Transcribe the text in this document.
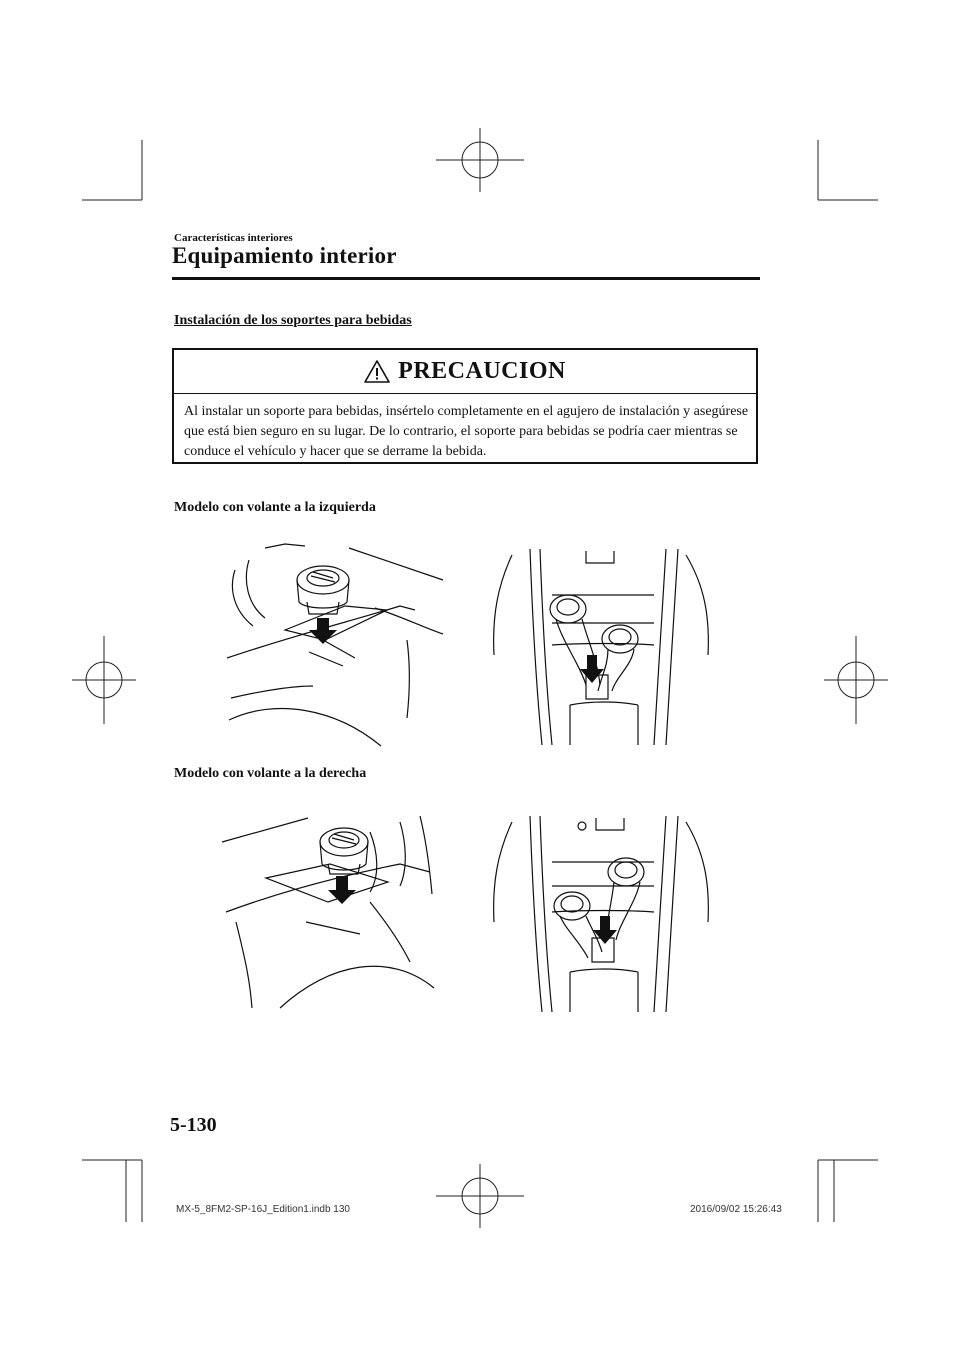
Características interiores
Equipamiento interior
Instalación de los soportes para bebidas
PRECAUCION
Al instalar un soporte para bebidas, insértelo completamente en el agujero de instalación y asegúrese que está bien seguro en su lugar. De lo contrario, el soporte para bebidas se podría caer mientras se conduce el vehículo y hacer que se derrame la bebida.
Modelo con volante a la izquierda
Modelo con volante a la derecha
5-130
MX-5_8FM2-SP-16J_Edition1.indb 130	2016/09/02 15:26:43
